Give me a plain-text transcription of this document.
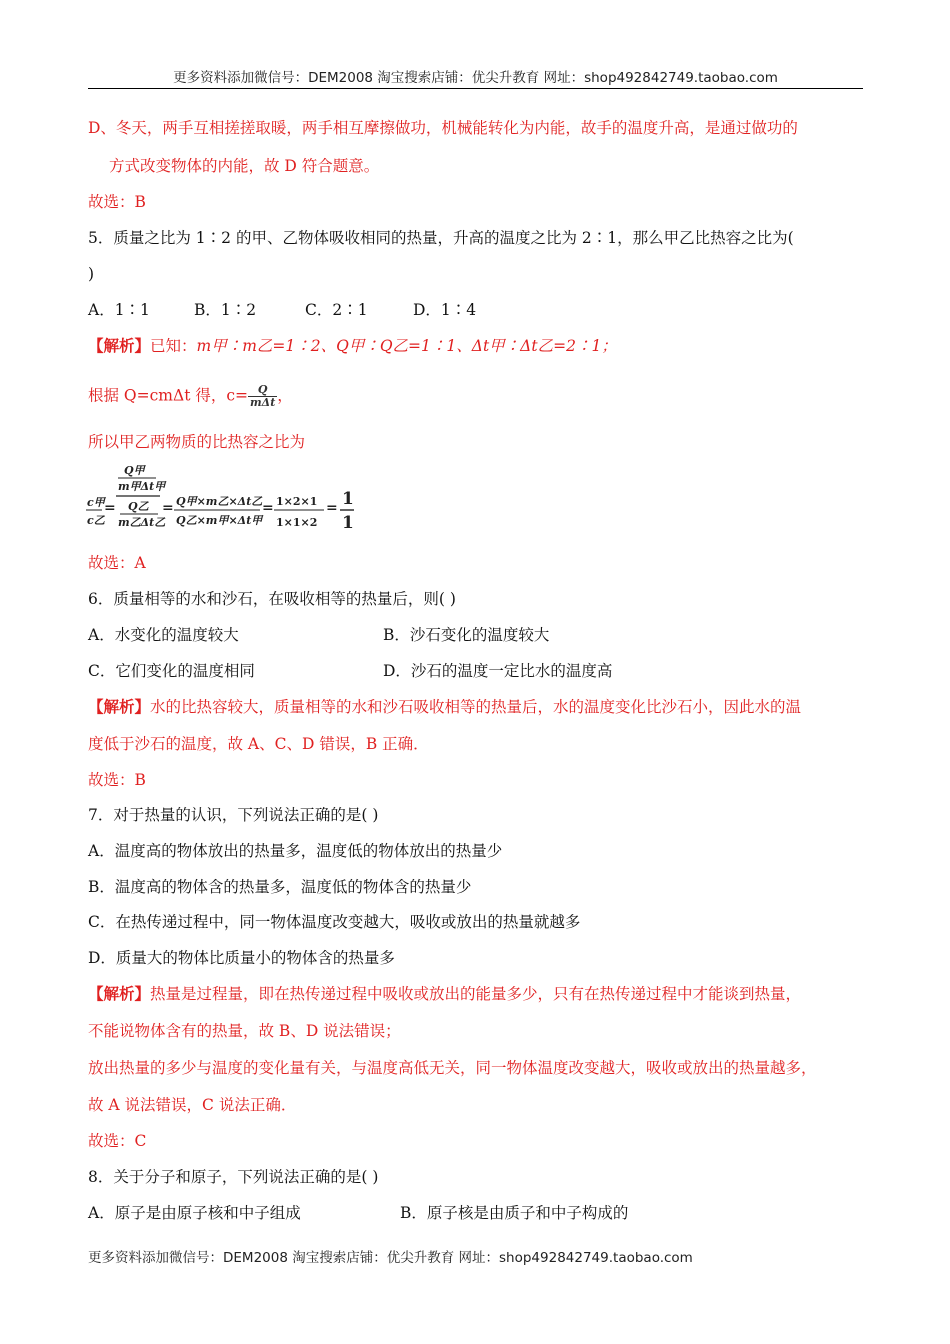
更多资料添加微信号：DEM2008 淘宝搜索店铺：优尖升教育 网址：shop492842749.taobao.com
D、冬天，两手互相搓搓取暖，两手相互摩擦做功，机械能转化为内能，故手的温度升高，是通过做功的
方式改变物体的内能，故 D 符合题意。
故选：B
5．质量之比为 1∶2 的甲、乙物体吸收相同的热量，升高的温度之比为 2∶1，那么甲乙比热容之比为(
)
A．1∶1	B．1∶2	C．2∶1	D．1∶4
【解析】已知：m甲∶m乙=1∶2、Q甲∶Q乙=1∶1、Δt甲∶Δt乙=2∶1；
根据 Q=cmΔt 得，c= Q
mΔt ，
所以甲乙两物质的比热容之比为
c甲
c乙
=
Q甲
m甲Δt甲
Q乙
m乙Δt乙
= Q甲×m乙×Δt乙
Q乙×m甲×Δt甲
= 1×2×1
1×1×2
= 1
1
故选：A
6．质量相等的水和沙石，在吸收相等的热量后，则( )
A．水变化的温度较大	B．沙石变化的温度较大
C．它们变化的温度相同	D．沙石的温度一定比水的温度高
【解析】水的比热容较大，质量相等的水和沙石吸收相等的热量后，水的温度变化比沙石小，因此水的温
度低于沙石的温度，故 A、C、D 错误，B 正确．
故选：B
7．对于热量的认识，下列说法正确的是( )
A．温度高的物体放出的热量多，温度低的物体放出的热量少
B．温度高的物体含的热量多，温度低的物体含的热量少
C．在热传递过程中，同一物体温度改变越大，吸收或放出的热量就越多
D．质量大的物体比质量小的物体含的热量多
【解析】热量是过程量，即在热传递过程中吸收或放出的能量多少，只有在热传递过程中才能谈到热量，
不能说物体含有的热量，故 B、D 说法错误；
放出热量的多少与温度的变化量有关，与温度高低无关，同一物体温度改变越大，吸收或放出的热量越多，
故 A 说法错误，C 说法正确．
故选：C
8．关于分子和原子，下列说法正确的是( )
A．原子是由原子核和中子组成	B．原子核是由质子和中子构成的
更多资料添加微信号：DEM2008 淘宝搜索店铺：优尖升教育 网址：shop492842749.taobao.com
